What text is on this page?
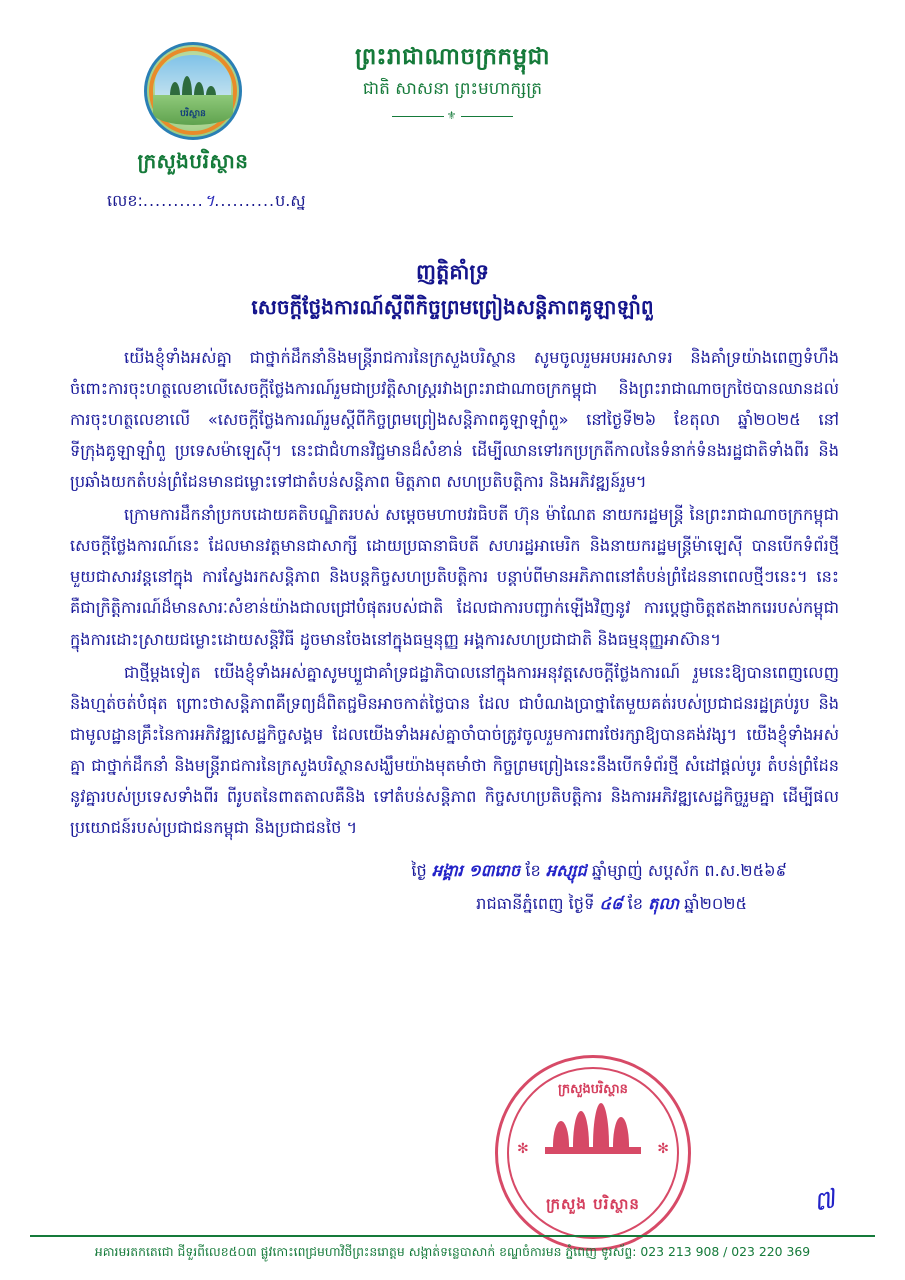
បរិស្ថាន
ក្រសួងបរិស្ថាន
លេខ:..........។..........ប.ស្ន
ព្រះរាជាណាចក្រកម្ពុជា
ជាតិ សាសនា ព្រះមហាក្សត្រ
⚜
ញត្តិគាំទ្រ
សេចក្តីថ្លែងការណ៍ស្តីពីកិច្ចព្រមព្រៀងសន្តិភាពគូឡាឡាំពួ

យើងខ្ញុំទាំងអស់គ្នា ជាថ្នាក់ដឹកនាំនិងមន្ត្រីរាជការនៃក្រសួងបរិស្ថាន សូមចូលរួមអបអរសាទរ និងគាំទ្រយ៉ាងពេញទំហឹង ចំពោះការចុះហត្ថលេខាលើសេចក្តីថ្លែងការណ៍រួមជាប្រវត្តិសាស្ត្ររវាងព្រះរាជាណាចក្រកម្ពុជា និងព្រះរាជាណាចក្រថៃបានឈានដល់ ការចុះហត្ថលេខាលើ «សេចក្តីថ្លែងការណ៍រួមស្តីពីកិច្ចព្រមព្រៀងសន្តិភាពគូឡាឡាំពួ» នៅថ្ងៃទី២៦ ខែតុលា ឆ្នាំ២០២៥ នៅទីក្រុងគូឡាឡាំពួ ប្រទេសម៉ាឡេស៊ី។ នេះជាជំហានវិជ្ជមានដ៏សំខាន់ ដើម្បីឈានទៅរកប្រក្រតីកាលនៃទំនាក់ទំនងរដ្ឋជាតិទាំងពីរ និងប្រឆាំងយកតំបន់ព្រំដែនមានជម្លោះទៅជាតំបន់សន្តិភាព មិត្តភាព សហប្រតិបត្តិការ និងអភិវឌ្ឍន៍រួម។

ក្រោមការដឹកនាំប្រកបដោយគតិបណ្ឌិតរបស់ សម្តេចមហាបវរធិបតី ហ៊ុន ម៉ាណែត នាយករដ្ឋមន្ត្រី នៃព្រះរាជាណាចក្រកម្ពុជា សេចក្តីថ្លែងការណ៍នេះ ដែលមានវត្តមានជាសាក្សី ដោយប្រធានាធិបតី សហរដ្ឋអាមេរិក និងនាយករដ្ឋមន្ត្រីម៉ាឡេស៊ី បានបើកទំព័រថ្មីមួយជាសារវន្តនៅក្នុង ការស្វែងរកសន្តិភាព និងបន្តកិច្ចសហប្រតិបត្តិការ បន្តាប់ពីមានអភិភាពនៅតំបន់ព្រំដែននាពេលថ្មីៗនេះ។ នេះគឺជាក្រិត្តិការណ៍ដ៏មានសារៈសំខាន់យ៉ាងជាលជ្រៅបំផុតរបស់ជាតិ ដែលជាការបញ្ជាក់ឡើងវិញនូវ ការប្តេជ្ញាចិត្តឥតងាករេរបស់កម្ពុជាក្នុងការដោះស្រាយជម្លោះដោយសន្តិវិធី ដូចមានចែងនៅក្នុងធម្មនុញ្ញ អង្គការសហប្រជាជាតិ និងធម្មនុញ្ញអាស៊ាន។

ជាថ្មីម្តងទៀត យើងខ្ញុំទាំងអស់គ្នាសូមប្បួជាគាំទ្រជដ្ឋាភិបាលនៅក្នុងការអនុវត្តសេចក្តីថ្លែងការណ៍ រួមនេះឱ្យបានពេញលេញ និងហ្មត់ចត់បំផុត ព្រោះថាសន្តិភាពគឺទ្រព្យដ៏ពិតជ្ជមិនអាចកាត់ថ្លៃបាន ដែល ជាបំណងប្រាថ្នាតែមួយគត់របស់ប្រជាជនរដ្ឋគ្រប់រូប និងជាមូលដ្ឋានគ្រឹះនៃការអភិវឌ្ឍសេដ្ឋកិច្ចសង្គម ដែលយើងទាំងអស់គ្នាចាំបាច់ត្រូវចូលរួមការពារថែរក្សាឱ្យបានគង់វង្ស។ យើងខ្ញុំទាំងអស់គ្នា ជាថ្នាក់ដឹកនាំ និងមន្ត្រីរាជការនៃក្រសួងបរិស្ថានសង្ឃឹមយ៉ាងមុតមាំថា កិច្ចព្រមព្រៀងនេះនឹងបើកទំព័រថ្មី សំដៅផ្តល់បូរ តំបន់ព្រំដែននូវគ្នារបស់ប្រទេសទាំងពីរ ពីរូបតនៃពាតតាលគឺនិង ទៅតំបន់សន្តិភាព កិច្ចសហប្រតិបត្តិការ និងការអភិវឌ្ឍសេដ្ឋកិច្ចរួមគ្នា ដើម្បីផលប្រយោជន៍របស់ប្រជាជនកម្ពុជា និងប្រជាជនថៃ ។

ថ្ងៃ អង្គារ ១៣រោច ខែ អស្សុជ ឆ្នាំម្សាញ់ សប្តស័ក ព.ស.២៥៦៩
រាជធានីភ្នំពេញ ថ្ងៃទី ៤៨ ខែ តុលា ឆ្នាំ២០២៥
ក្រសួងបរិស្ថាន
✻	✻
ក្រសួង បរិស្ថាន	៧
អគារមរតកតេជោ ជីទួរពីលេខ៥០៣ ផ្លូវកោះពេជ្រមហាវិថីព្រះនរោត្តម សង្កាត់ទន្លេបាសាក់ ខណ្ឌចំការមន ភ្នំពេញ ទូរស័ព្ទ: 023 213 908 / 023 220 369
